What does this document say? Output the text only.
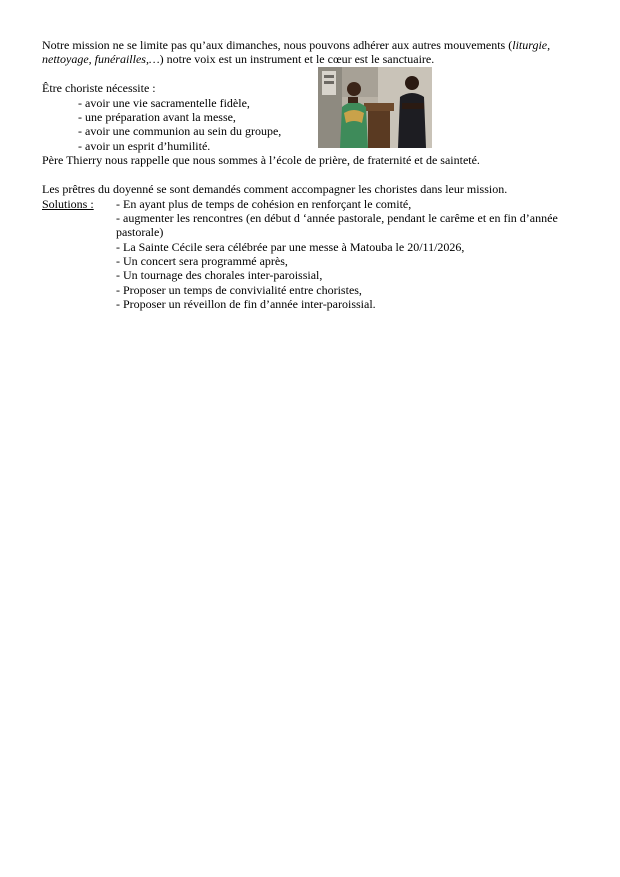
Notre mission ne se limite pas qu’aux dimanches, nous pouvons adhérer aux autres mouvements (liturgie,
nettoyage, funérailles,…) notre voix est un instrument et le cœur est le sanctuaire.
Être choriste nécessite :
- avoir une vie sacramentelle fidèle,
- une préparation avant la messe,
- avoir une communion au sein du groupe,
- avoir un esprit d’humilité.
Père Thierry nous rappelle que nous sommes à l’école de prière, de fraternité et de sainteté.
Les prêtres du doyenné se sont demandés comment accompagner les choristes dans leur mission.
Solutions : - En ayant plus de temps de cohésion en renforçant le comité,
- augmenter les rencontres (en début d ‘année pastorale, pendant le carême et en fin d’année
pastorale)
- La Sainte Cécile sera célébrée par une messe à Matouba le 20/11/2026,
- Un concert sera programmé après,
- Un tournage des chorales inter-paroissial,
- Proposer un temps de convivialité entre choristes,
- Proposer un réveillon de fin d’année inter-paroissial.
